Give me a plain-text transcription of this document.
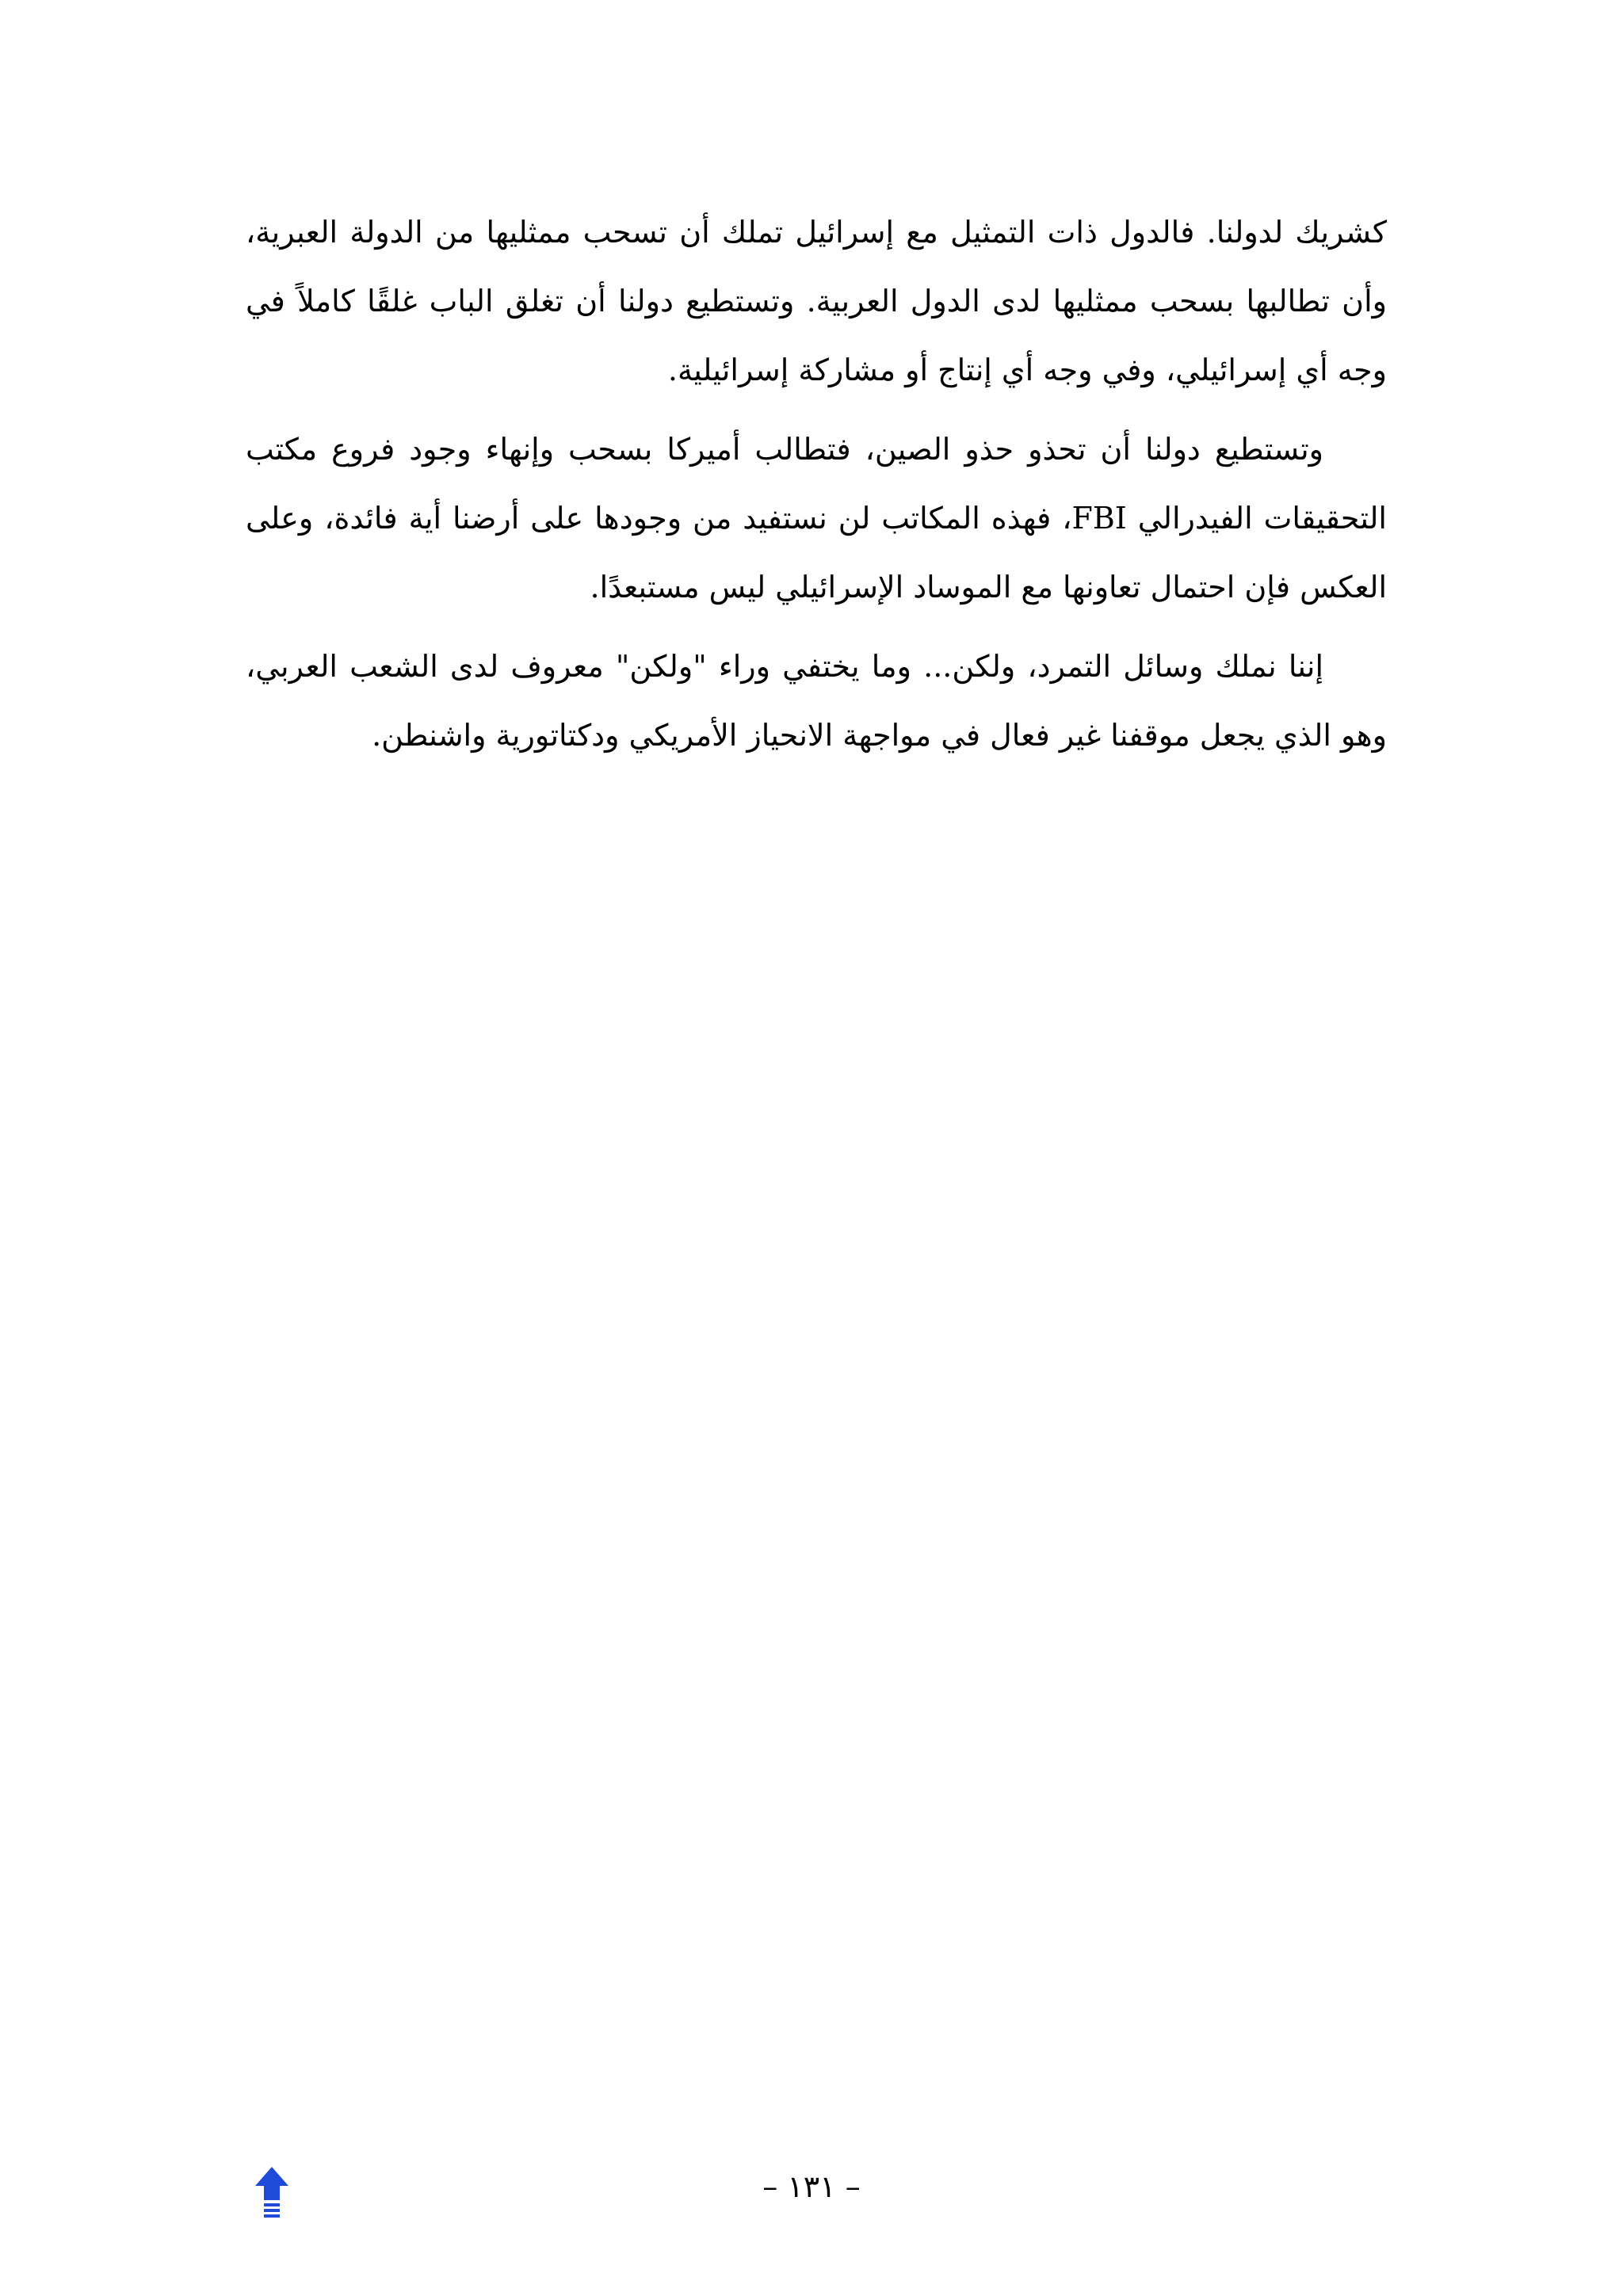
كشريك لدولنا. فالدول ذات التمثيل مع إسرائيل تملك أن تسحب ممثليها من الدولة العبرية، وأن تطالبها بسحب ممثليها لدى الدول العربية. وتستطيع دولنا أن تغلق الباب غلقًا كاملاً في وجه أي إسرائيلي، وفي وجه أي إنتاج أو مشاركة إسرائيلية.

وتستطيع دولنا أن تحذو حذو الصين، فتطالب أميركا بسحب وإنهاء وجود فروع مكتب التحقيقات الفيدرالي FBI، فهذه المكاتب لن نستفيد من وجودها على أرضنا أية فائدة، وعلى العكس فإن احتمال تعاونها مع الموساد الإسرائيلي ليس مستبعدًا.

إننا نملك وسائل التمرد، ولكن... وما يختفي وراء "ولكن" معروف لدى الشعب العربي، وهو الذي يجعل موقفنا غير فعال في مواجهة الانحياز الأمريكي ودكتاتورية واشنطن.

– ١٣١ –
